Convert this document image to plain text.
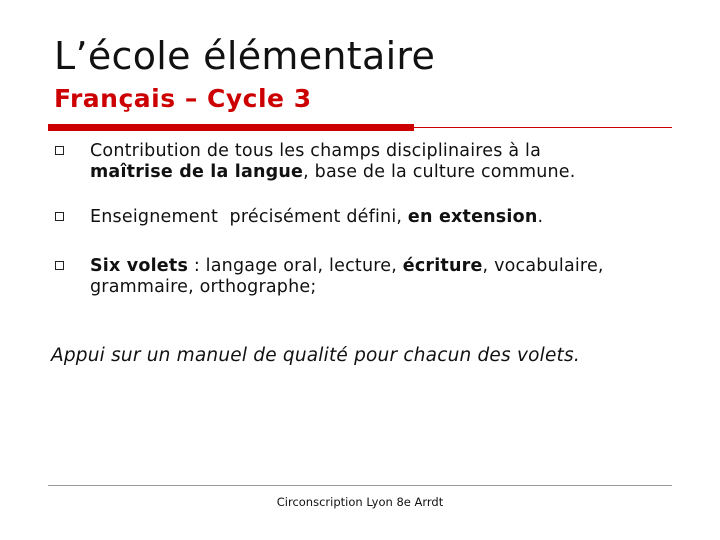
L’école élémentaire
Français – Cycle 3
Contribution de tous les champs disciplinaires à la
maîtrise de la langue, base de la culture commune.
Enseignement  précisément défini, en extension.
Six volets : langage oral, lecture, écriture, vocabulaire,
grammaire, orthographe;
Appui sur un manuel de qualité pour chacun des volets.
Circonscription Lyon 8e Arrdt
